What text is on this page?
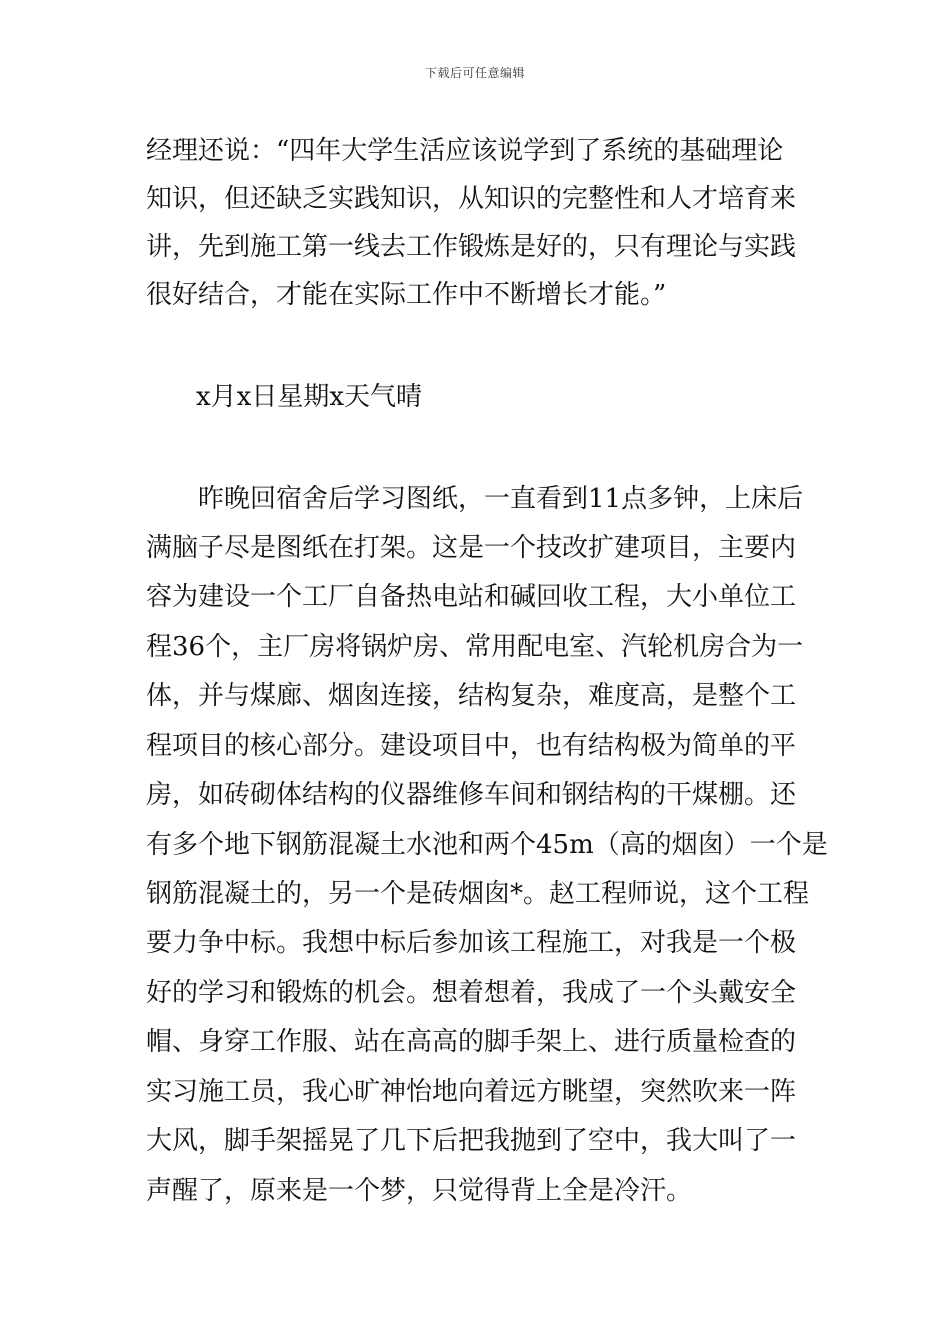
下载后可任意编辑

经理还说：“四年大学生活应该说学到了系统的基础理论

知识，但还缺乏实践知识，从知识的完整性和人才培育来

讲，先到施工第一线去工作锻炼是好的，只有理论与实践

很好结合，才能在实际工作中不断增长才能。”

x月x日星期x天气晴

　　昨晚回宿舍后学习图纸，一直看到11点多钟，上床后

满脑子尽是图纸在打架。这是一个技改扩建项目，主要内

容为建设一个工厂自备热电站和碱回收工程，大小单位工

程36个，主厂房将锅炉房、常用配电室、汽轮机房合为一

体，并与煤廊、烟囱连接，结构复杂，难度高，是整个工

程项目的核心部分。建设项目中，也有结构极为简单的平

房，如砖砌体结构的仪器维修车间和钢结构的干煤棚。还

有多个地下钢筋混凝土水池和两个45m（高的烟囱）一个是

钢筋混凝土的，另一个是砖烟囱*。赵工程师说，这个工程

要力争中标。我想中标后参加该工程施工，对我是一个极

好的学习和锻炼的机会。想着想着，我成了一个头戴安全

帽、身穿工作服、站在高高的脚手架上、进行质量检查的

实习施工员，我心旷神怡地向着远方眺望，突然吹来一阵

大风，脚手架摇晃了几下后把我抛到了空中，我大叫了一

声醒了，原来是一个梦，只觉得背上全是冷汗。
